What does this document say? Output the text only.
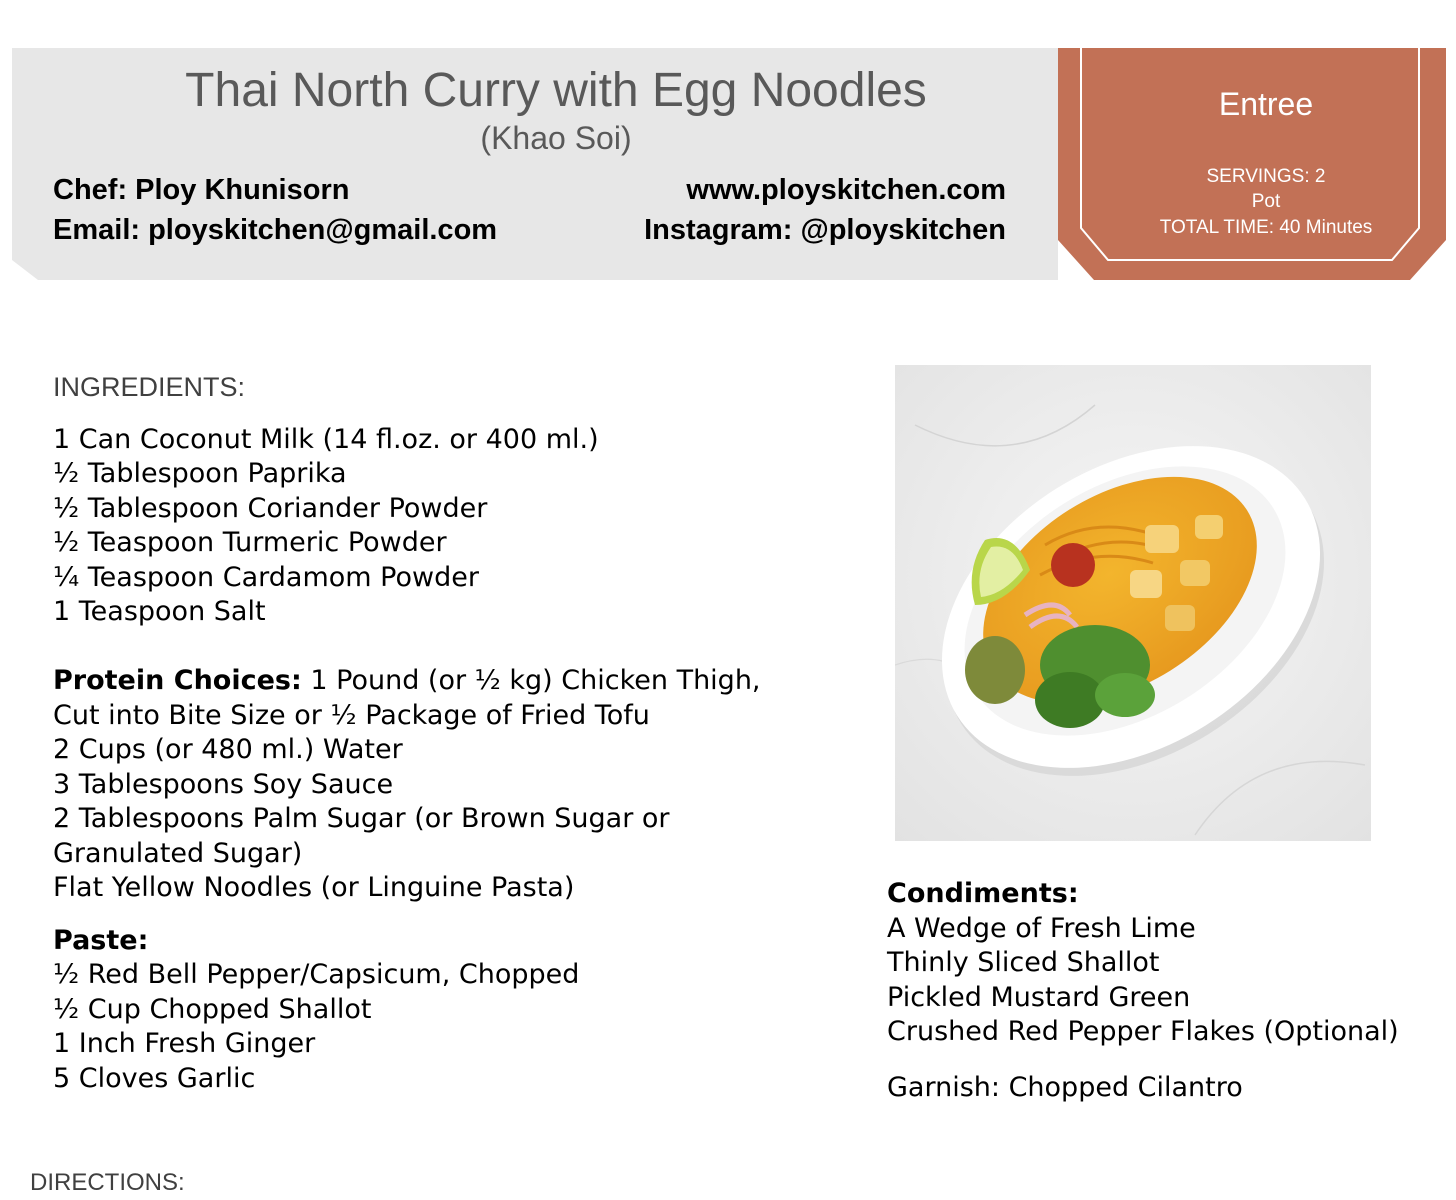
Thai North Curry with Egg Noodles
(Khao Soi)
Chef: Ploy Khunisorn
Email: ployskitchen@gmail.com
www.ployskitchen.com
Instagram: @ployskitchen
Entree
SERVINGS: 2
Pot
TOTAL TIME: 40 Minutes
INGREDIENTS:
1 Can Coconut Milk (14 fl.oz. or 400 ml.)
½ Tablespoon Paprika
½ Tablespoon Coriander Powder
½ Teaspoon Turmeric Powder
¼ Teaspoon Cardamom Powder
1 Teaspoon Salt
Protein Choices: 1 Pound (or ½ kg) Chicken Thigh,
Cut into Bite Size or ½ Package of Fried Tofu
2 Cups (or 480 ml.) Water
3 Tablespoons Soy Sauce
2 Tablespoons Palm Sugar (or Brown Sugar or
Granulated Sugar)
Flat Yellow Noodles (or Linguine Pasta)
Paste:
½ Red Bell Pepper/Capsicum, Chopped
½ Cup Chopped Shallot
1 Inch Fresh Ginger
5 Cloves Garlic
Condiments:
A Wedge of Fresh Lime
Thinly Sliced Shallot
Pickled Mustard Green
Crushed Red Pepper Flakes (Optional)
Garnish: Chopped Cilantro
DIRECTIONS:
